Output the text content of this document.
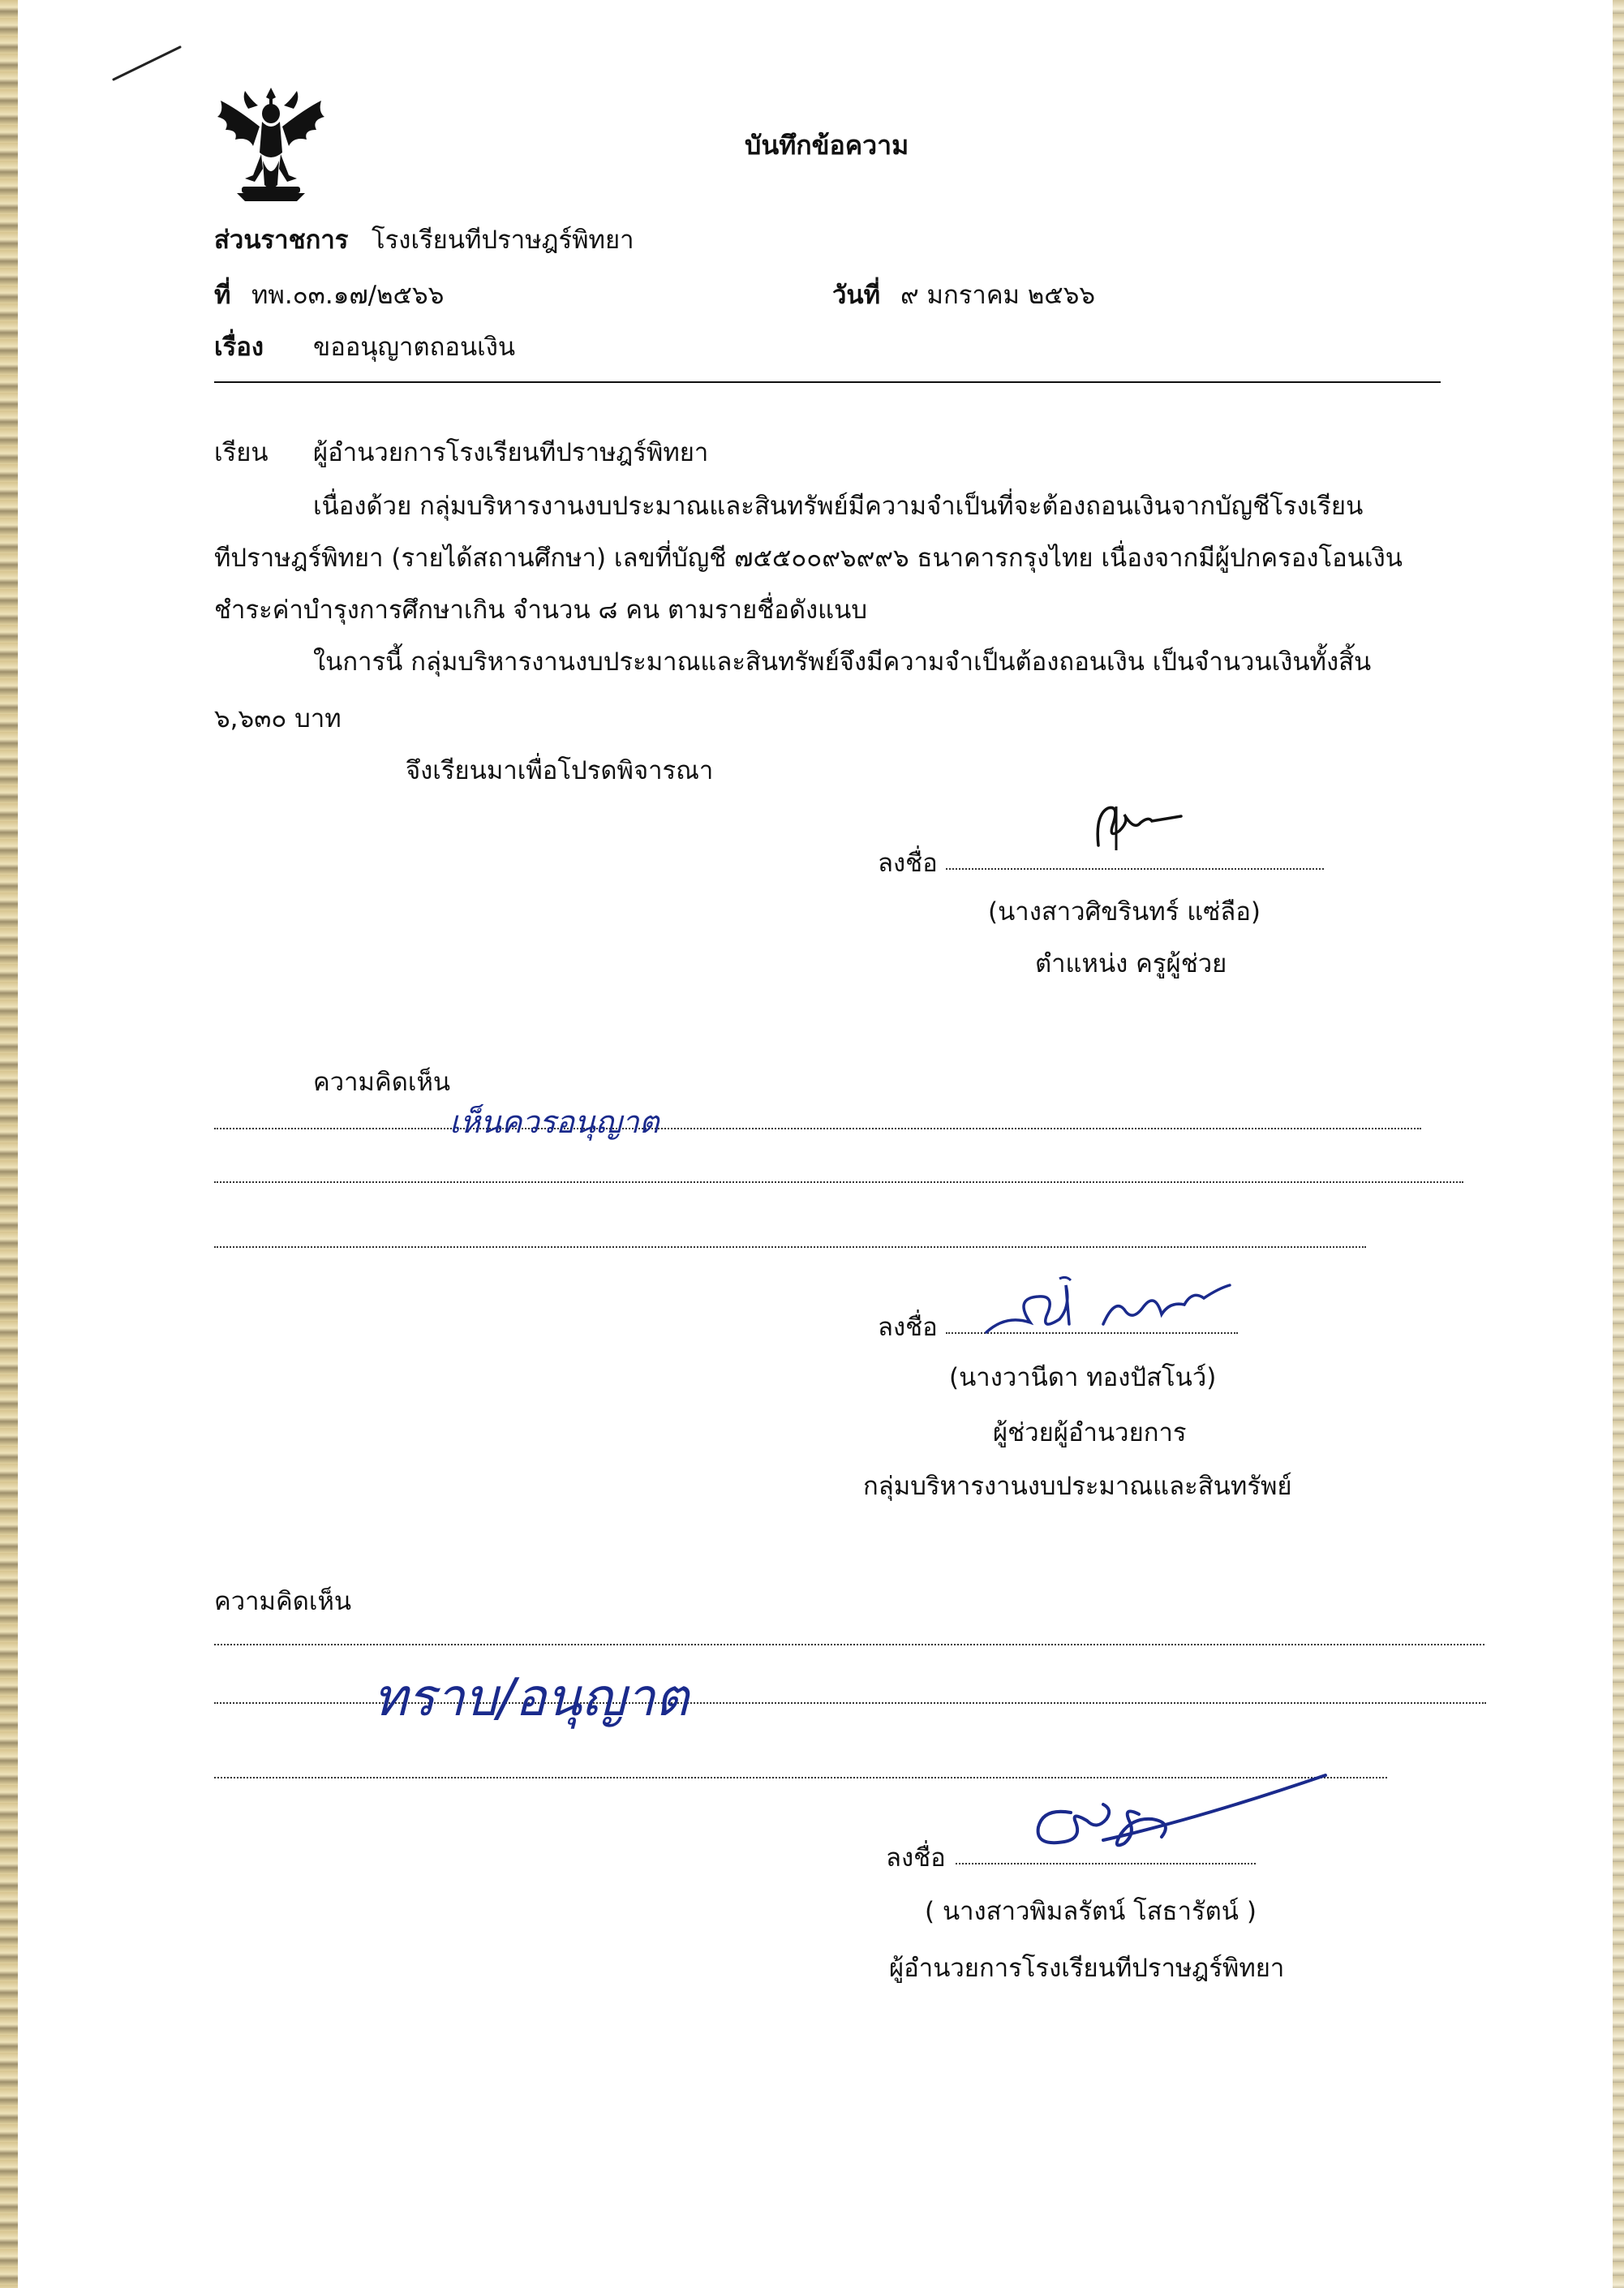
บันทึกข้อความ
ส่วนราชการ โรงเรียนทีปราษฎร์พิทยา
ที่ ทพ.๐๓.๑๗/๒๕๖๖	วันที่ ๙ มกราคม ๒๕๖๖
เรื่อง ขออนุญาตถอนเงิน
เรียน ผู้อำนวยการโรงเรียนทีปราษฎร์พิทยา
เนื่องด้วย กลุ่มบริหารงานงบประมาณและสินทรัพย์มีความจำเป็นที่จะต้องถอนเงินจากบัญชีโรงเรียน
ทีปราษฎร์พิทยา (รายได้สถานศึกษา) เลขที่บัญชี ๗๕๕๐๐๙๖๙๙๖ ธนาคารกรุงไทย เนื่องจากมีผู้ปกครองโอนเงิน
ชำระค่าบำรุงการศึกษาเกิน จำนวน ๘ คน ตามรายชื่อดังแนบ
ในการนี้ กลุ่มบริหารงานงบประมาณและสินทรัพย์จึงมีความจำเป็นต้องถอนเงิน เป็นจำนวนเงินทั้งสิ้น
๖,๖๓๐ บาท
จึงเรียนมาเพื่อโปรดพิจารณา
ลงชื่อ
(นางสาวศิขรินทร์ แซ่ลือ)
ตำแหน่ง ครูผู้ช่วย
ความคิดเห็น
เห็นควรอนุญาต
ลงชื่อ
(นางวานีดา ทองปัสโนว์)
ผู้ช่วยผู้อำนวยการ
กลุ่มบริหารงานงบประมาณและสินทรัพย์
ความคิดเห็น
ทราบ/อนุญาต
ลงชื่อ
( นางสาวพิมลรัตน์ โสธารัตน์ )
ผู้อำนวยการโรงเรียนทีปราษฎร์พิทยา
